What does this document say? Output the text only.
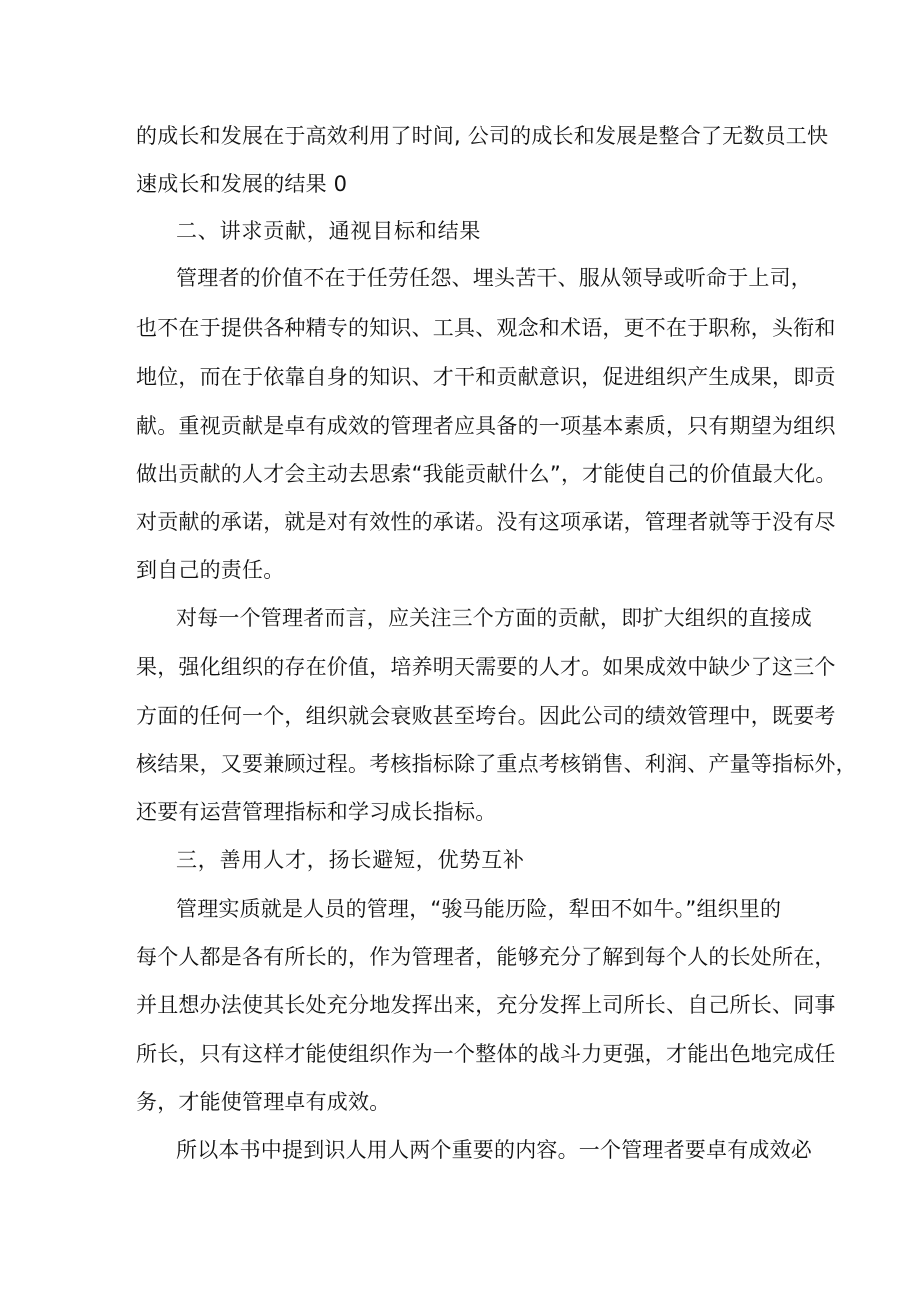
的成长和发展在于高效利用了时间, 公司的成长和发展是整合了无数员工快
速成长和发展的结果 0
二、讲求贡献，通视目标和结果
管理者的价值不在于任劳任怨、埋头苦干、服从领导或听命于上司，
也不在于提供各种精专的知识、工具、观念和术语，更不在于职称，头衔和
地位，而在于依靠自身的知识、才干和贡献意识，促进组织产生成果，即贡
献。重视贡献是卓有成效的管理者应具备的一项基本素质，只有期望为组织
做出贡献的人才会主动去思索“我能贡献什么”，才能使自己的价值最大化。
对贡献的承诺，就是对有效性的承诺。没有这项承诺，管理者就等于没有尽
到自己的责任。
对每一个管理者而言，应关注三个方面的贡献，即扩大组织的直接成
果，强化组织的存在价值，培养明天需要的人才。如果成效中缺少了这三个
方面的任何一个，组织就会衰败甚至垮台。因此公司的绩效管理中，既要考
核结果，又要兼顾过程。考核指标除了重点考核销售、利润、产量等指标外，
还要有运营管理指标和学习成长指标。
三，善用人才，扬长避短，优势互补
管理实质就是人员的管理，“骏马能历险，犁田不如牛。”组织里的
每个人都是各有所长的，作为管理者，能够充分了解到每个人的长处所在，
并且想办法使其长处充分地发挥出来，充分发挥上司所长、自己所长、同事
所长，只有这样才能使组织作为一个整体的战斗力更强，才能出色地完成任
务，才能使管理卓有成效。
所以本书中提到识人用人两个重要的内容。一个管理者要卓有成效必
